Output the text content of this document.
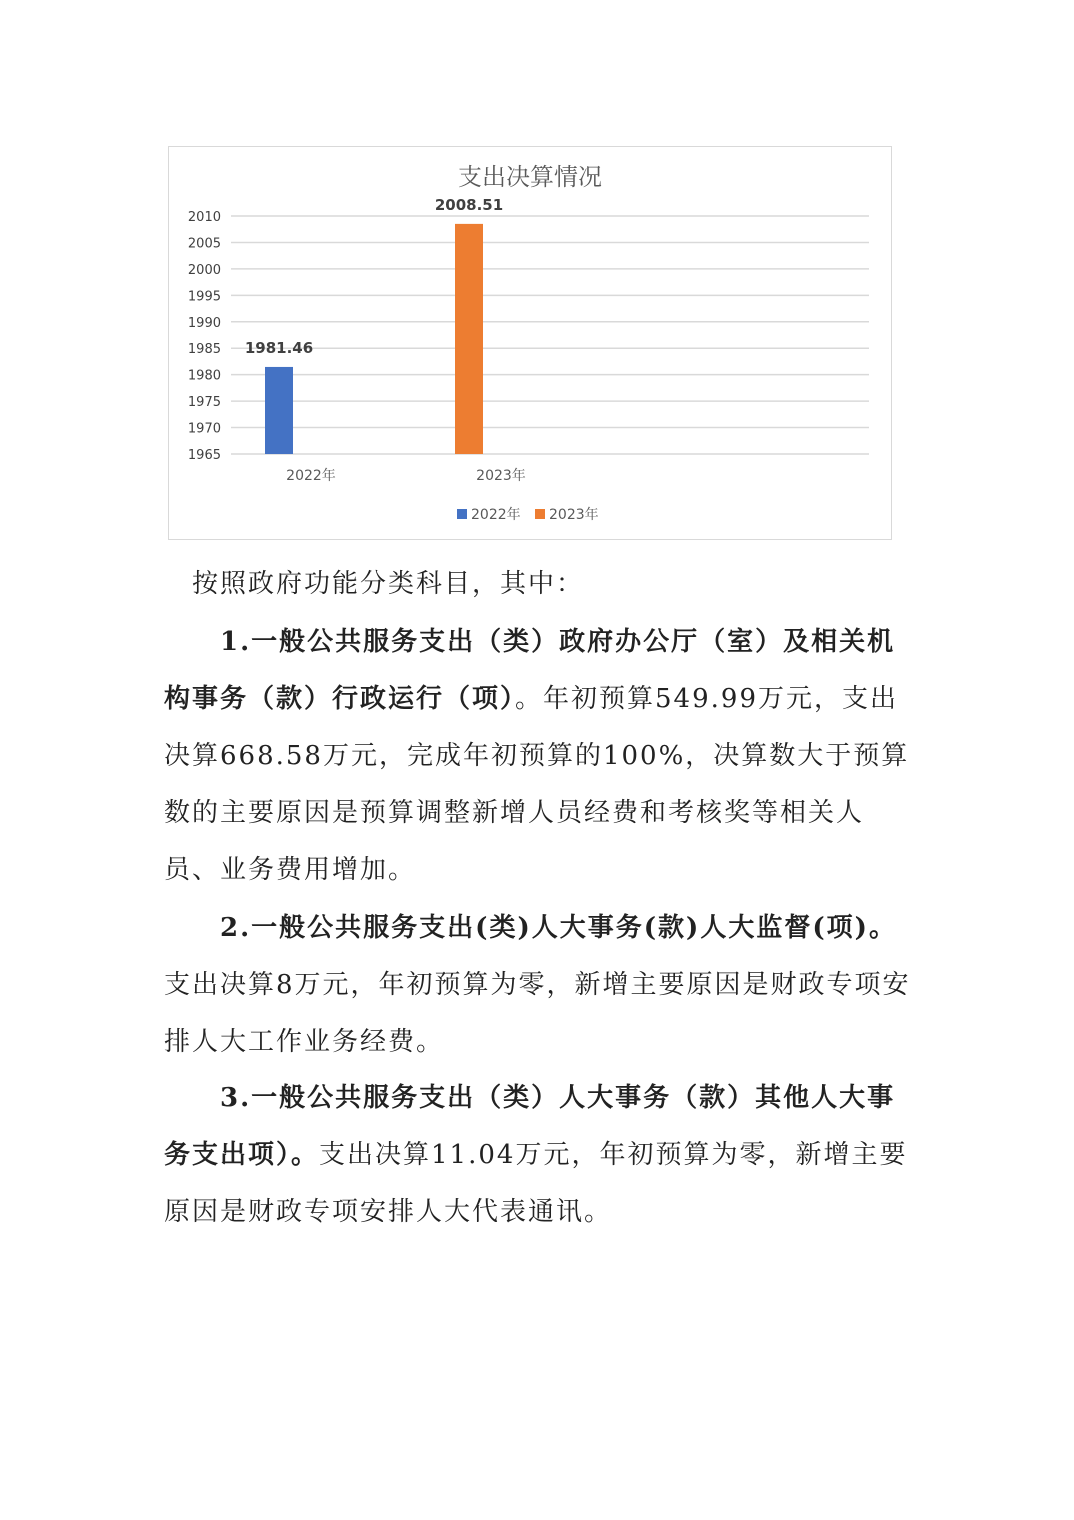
支出决算情况
1965
1970
1975
1980
1985
1990
1995
2000
2005
2010
1981.46
2008.51
2022年	2023年
2022年 2023年

按照政府功能分类科目，其中：

1.一般公共服务支出（类）政府办公厅（室）及相关机构事务（款）行政运行（项）。年初预算549.99万元，支出决算668.58万元，完成年初预算的100%，决算数大于预算数的主要原因是预算调整新增人员经费和考核奖等相关人员、业务费用增加。

2.一般公共服务支出(类)人大事务(款)人大监督(项)。支出决算8万元，年初预算为零，新增主要原因是财政专项安排人大工作业务经费。

3.一般公共服务支出（类）人大事务（款）其他人大事务支出项）。支出决算11.04万元，年初预算为零，新增主要原因是财政专项安排人大代表通讯。
